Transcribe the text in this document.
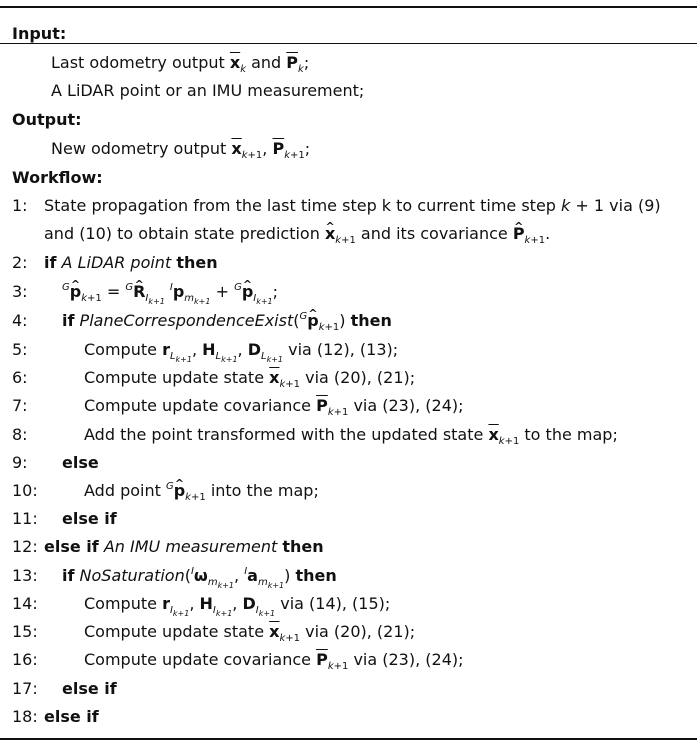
Input:
Last odometry output $\overline{x}_k$ and $\overline{P}_k$;
A LiDAR point or an IMU measurement;
Output:
New odometry output $\overline{x}_{k+1}$, $\overline{P}_{k+1}$;
Workflow:
1: State propagation from the last time step k to current time step k + 1 via (9)
and (10) to obtain state prediction ^ $x_{k+1}$ and its covariance ^ $P_{k+1}$.
2: if A LiDAR point then
3:	$^G$^ $p_{k+1}$ = $^G$^ $R_{I_{k+1}}$ $^Ip_{m_{k+1}}$ + $^G$^ $p_{I_{k+1}}$;
4: if PlaneCorrespondenceExist($^G$^ $p_{k+1}$) then
5:	Compute $r_{L_{k+1}}$, $H_{L_{k+1}}$, $D_{L_{k+1}}$ via (12), (13);
6:	Compute update state $\overline{x}_{k+1}$ via (20), (21);
7:	Compute update covariance $\overline{P}_{k+1}$ via (23), (24);
8:	Add the point transformed with the updated state $\overline{x}_{k+1}$ to the map;
9: else
10:	Add point $^G$^ $p_{k+1}$ into the map;
11: else if
12: else if An IMU measurement then
13: if $NoSaturation(^I\omega_{m_{k+1}}$, $^Ia_{m_{k+1}}$) then
14:	Compute $r_{I_{k+1}}$, $H_{I_{k+1}}$, $D_{I_{k+1}}$ via (14), (15);
15:	Compute update state $\overline{x}_{k+1}$ via (20), (21);
16:	Compute update covariance $\overline{P}_{k+1}$ via (23), (24);
17: else if
18: else if
